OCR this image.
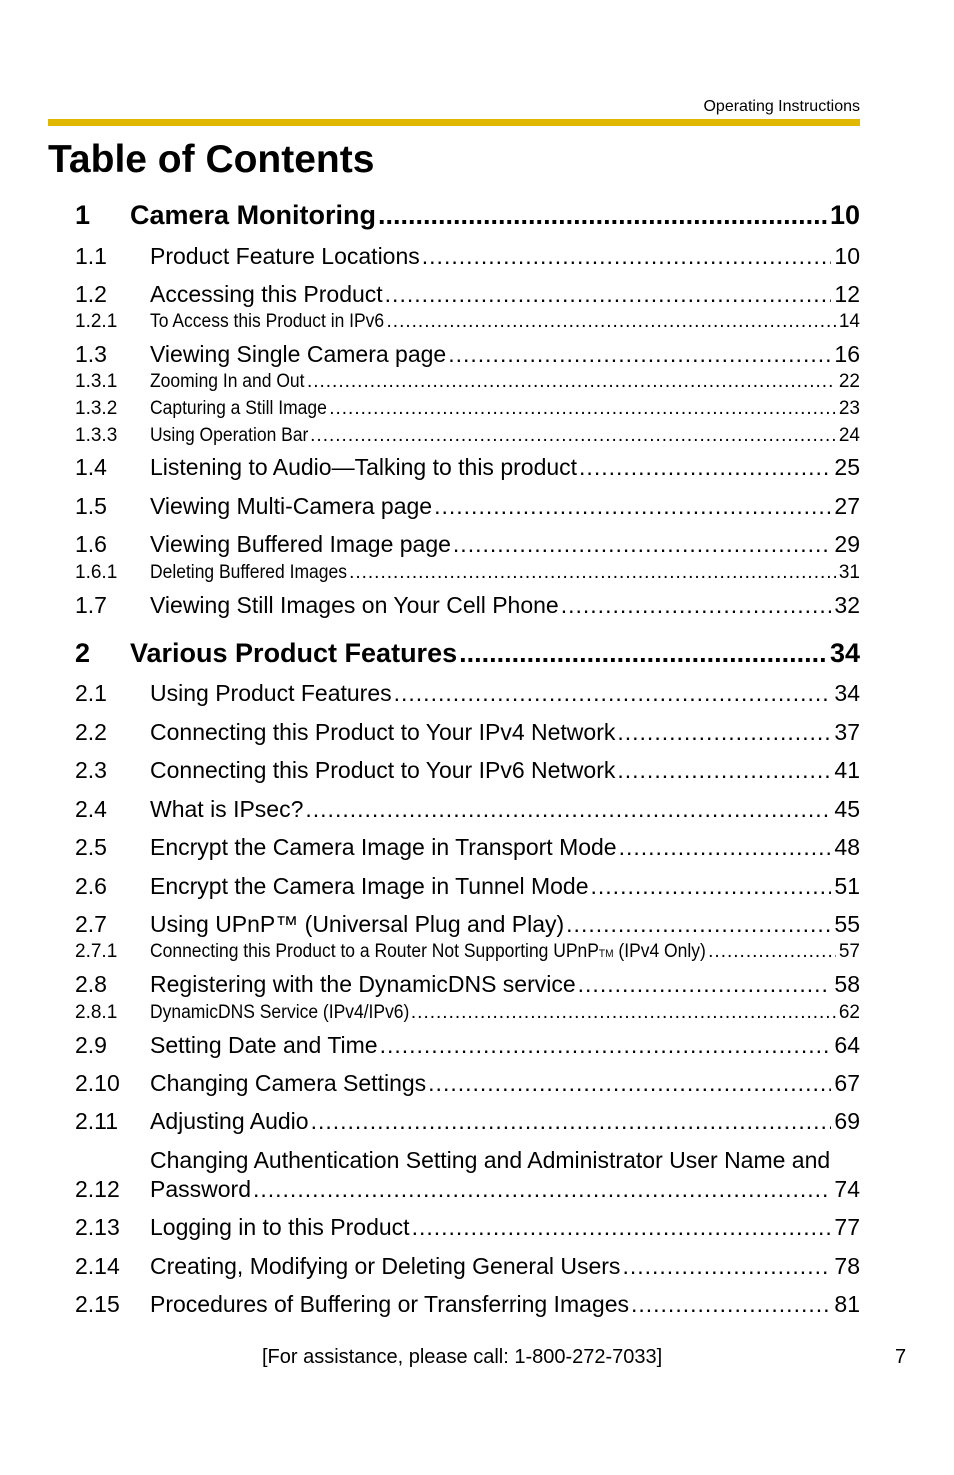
Operating Instructions
Table of Contents
1	Camera Monitoring .....	10
1.1	Product Feature Locations .....	10
1.2	Accessing this Product .....	12
1.2.1	To Access this Product in IPv6 .....	14
1.3	Viewing Single Camera page .....	16
1.3.1	Zooming In and Out .....	22
1.3.2	Capturing a Still Image .....	23
1.3.3	Using Operation Bar .....	24
1.4	Listening to Audio—Talking to this product .....	25
1.5	Viewing Multi-Camera page .....	27
1.6	Viewing Buffered Image page .....	29
1.6.1	Deleting Buffered Images .....	31
1.7	Viewing Still Images on Your Cell Phone .....	32
2	Various Product Features .....	34
2.1	Using Product Features .....	34
2.2	Connecting this Product to Your IPv4 Network .....	37
2.3	Connecting this Product to Your IPv6 Network .....	41
2.4	What is IPsec? .....	45
2.5	Encrypt the Camera Image in Transport Mode .....	48
2.6	Encrypt the Camera Image in Tunnel Mode .....	51
2.7	Using UPnP™ (Universal Plug and Play) .....	55
2.7.1	Connecting this Product to a Router Not Supporting UPnPTM (IPv4 Only) .....	57
2.8	Registering with the DynamicDNS service .....	58
2.8.1	DynamicDNS Service (IPv4/IPv6) .....	62
2.9	Setting Date and Time .....	64
2.10	Changing Camera Settings .....	67
2.11	Adjusting Audio .....	69
Changing Authentication Setting and Administrator User Name and
2.12	Password .....	74
2.13	Logging in to this Product .....	77
2.14	Creating, Modifying or Deleting General Users .....	78
2.15	Procedures of Buffering or Transferring Images .....	81
[For assistance, please call: 1-800-272-7033]	7
